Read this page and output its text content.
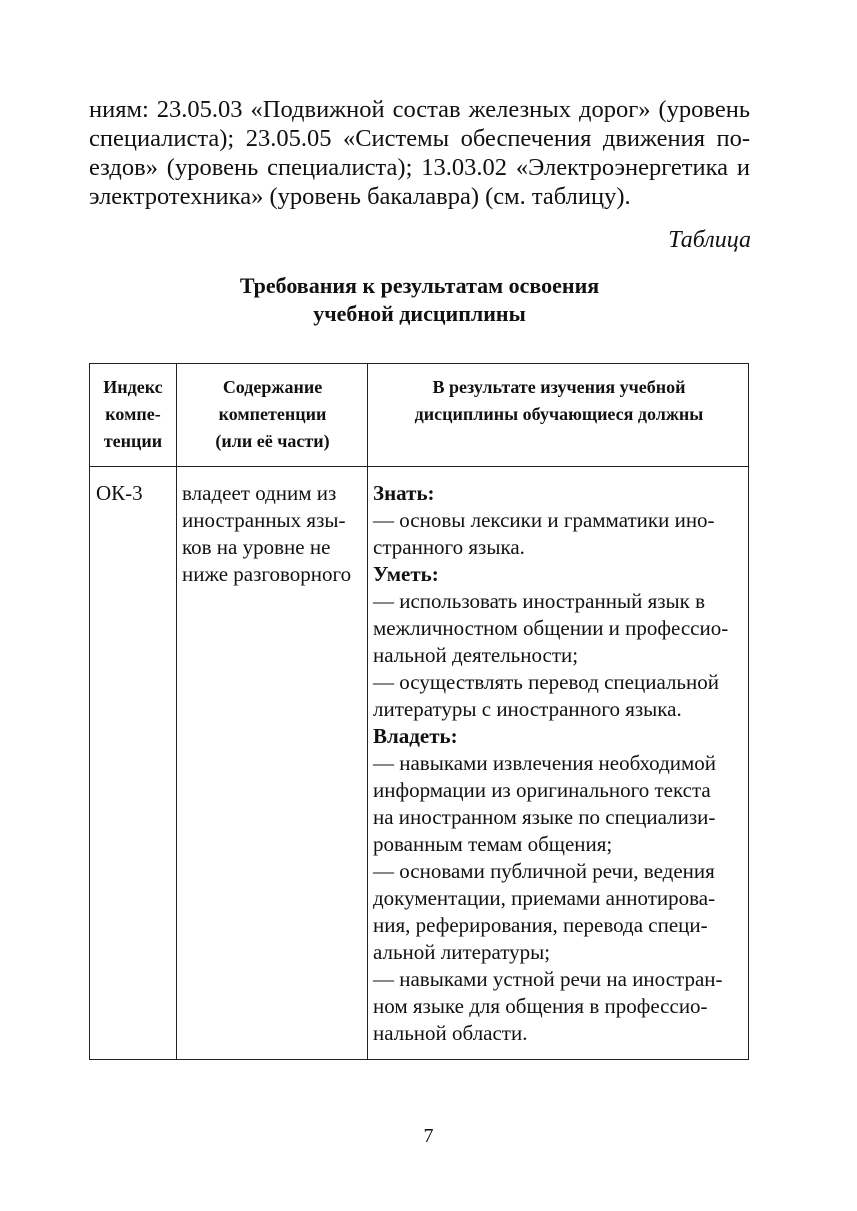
ниям: 23.05.03 «Подвижной состав железных дорог» (уровень
специалиста); 23.05.05 «Системы обеспечения движения по-
ездов» (уровень специалиста); 13.03.02 «Электроэнергетика и
электротехника» (уровень бакалавра) (см. таблицу).
Таблица
Требования к результатам освоения
учебной дисциплины
Индекс
компе-
тенции
Содержание
компетенции
(или её части)
В результате изучения учебной
дисциплины обучающиеся должны
ОК-3 владеет одним из
иностранных язы-
ков на уровне не
ниже разговорного
Знать:
— основы лексики и грамматики ино-
странного языка.
Уметь:
— использовать иностранный язык в
межличностном общении и профессио-
нальной деятельности;
— осуществлять перевод специальной
литературы с иностранного языка.
Владеть:
— навыками извлечения необходимой
информации из оригинального текста
на иностранном языке по специализи-
рованным темам общения;
— основами публичной речи, ведения
документации, приемами аннотирова-
ния, реферирования, перевода специ-
альной литературы;
— навыками устной речи на иностран-
ном языке для общения в профессио-
нальной области.
7
